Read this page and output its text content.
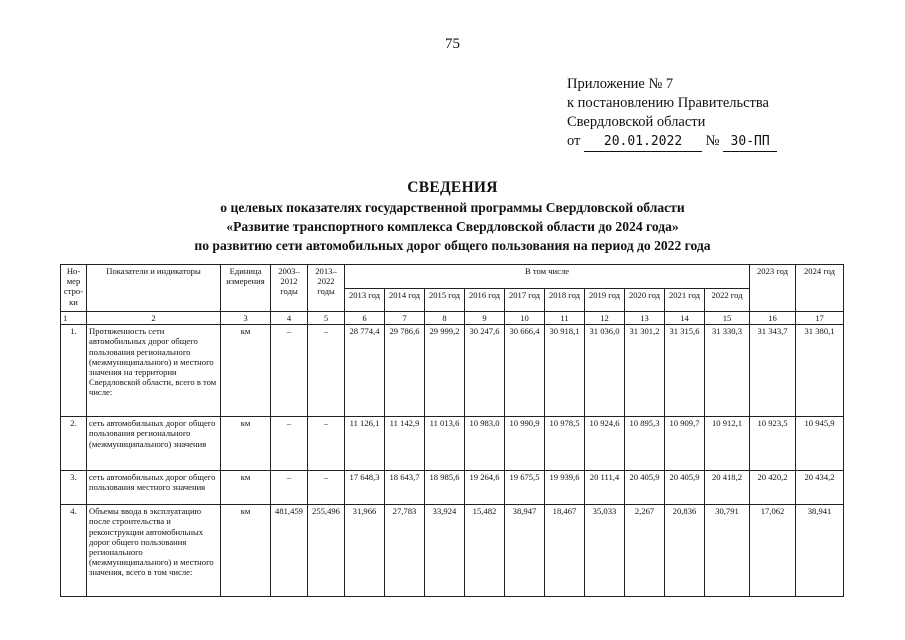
75
Приложение № 7
к постановлению Правительства
Свердловской области
от 20.01.2022 № 30-ПП
СВЕДЕНИЯ
о целевых показателях государственной программы Свердловской области
«Развитие транспортного комплекса Свердловской области до 2024 года»
по развитию сети автомобильных дорог общего пользования на период до 2022 года
Но-мер стро-ки	Показатели и индикаторы	Единица измерения	2003–2012 годы	2013–2022 годы	В том числе										2023 год	2024 год
					2013 год	2014 год	2015 год	2016 год	2017 год	2018 год	2019 год	2020 год	2021 год	2022 год		
1	2	3	4	5	6	7	8	9	10	11	12	13	14	15	16	17
1.	Протяженность сети автомобильных дорог общего пользования регионального (межмуниципального) и местного значения на территории Свердловской области, всего в том числе:	км	–	–	28 774,4	29 786,6	29 999,2	30 247,6	30 666,4	30 918,1	31 036,0	31 301,2	31 315,6	31 330,3	31 343,7	31 380,1
2.	сеть автомобильных дорог общего пользования регионального (межмуниципального) значения	км	–	–	11 126,1	11 142,9	11 013,6	10 983,0	10 990,9	10 978,5	10 924,6	10 895,3	10 909,7	10 912,1	10 923,5	10 945,9
3.	сеть автомобильных дорог общего пользования местного значения	км	–	–	17 648,3	18 643,7	18 985,6	19 264,6	19 675,5	19 939,6	20 111,4	20 405,9	20 405,9	20 418,2	20 420,2	20 434,2
4.	Объемы ввода в эксплуатацию после строительства и реконструкции автомобильных дорог общего пользования регионального (межмуниципального) и местного значения, всего в том числе:	км	481,459	255,496	31,966	27,783	33,924	15,482	38,947	18,467	35,033	2,267	20,836	30,791	17,062	38,941
